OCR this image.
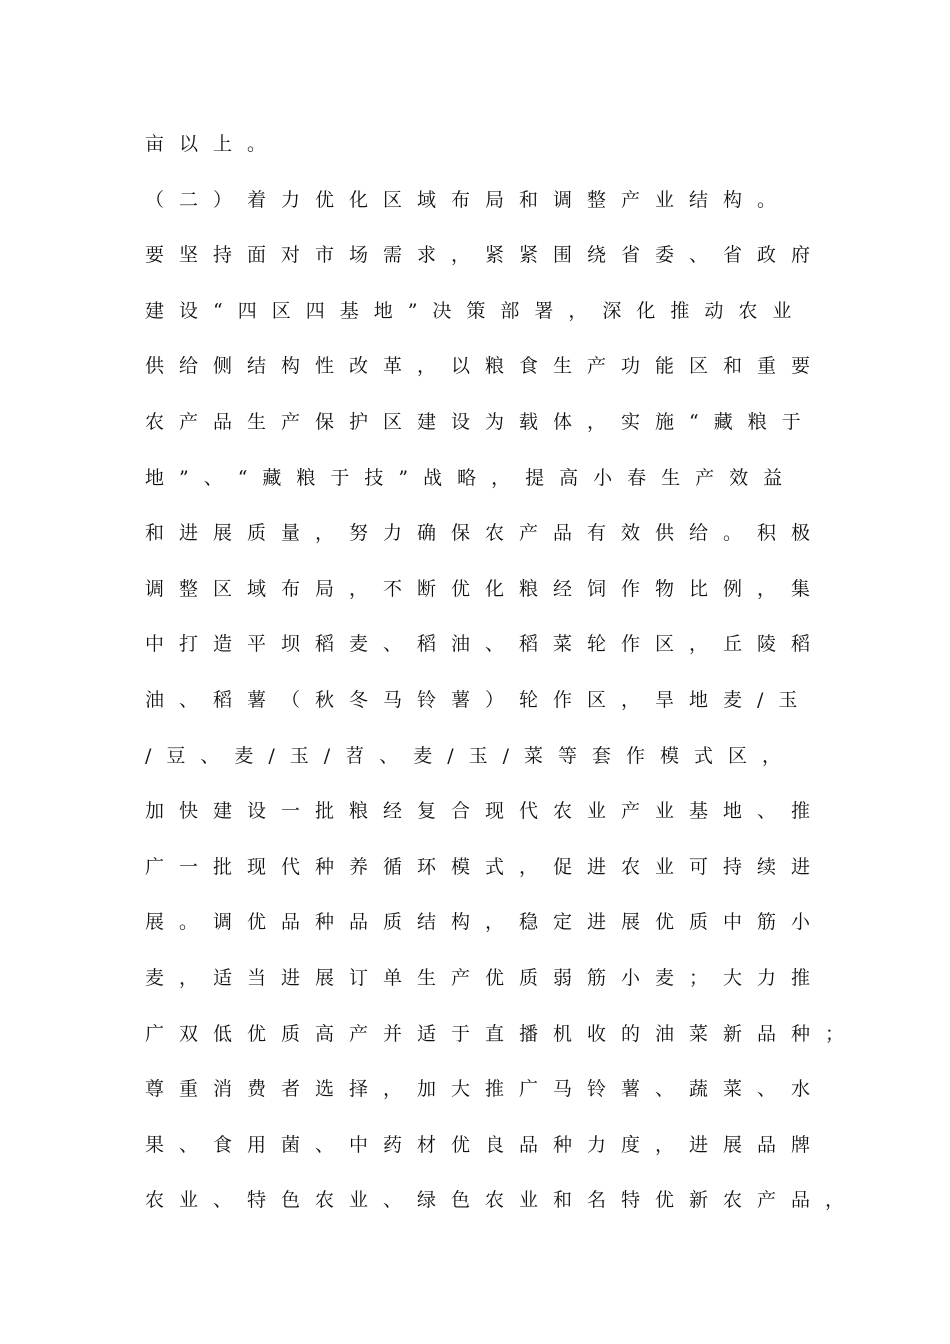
亩以上。
（二）着力优化区域布局和调整产业结构。
要坚持面对市场需求，紧紧围绕省委、省政府
建设“四区四基地”决策部署，深化推动农业
供给侧结构性改革，以粮食生产功能区和重要
农产品生产保护区建设为载体，实施“藏粮于
地”、“藏粮于技”战略，提高小春生产效益
和进展质量，努力确保农产品有效供给。积极
调整区域布局，不断优化粮经饲作物比例，集
中打造平坝稻麦、稻油、稻菜轮作区，丘陵稻
油、稻薯（秋冬马铃薯）轮作区，旱地麦/玉
/豆、麦/玉/苕、麦/玉/菜等套作模式区，
加快建设一批粮经复合现代农业产业基地、推
广一批现代种养循环模式，促进农业可持续进
展。调优品种品质结构，稳定进展优质中筋小
麦，适当进展订单生产优质弱筋小麦；大力推
广双低优质高产并适于直播机收的油菜新品种；
尊重消费者选择，加大推广马铃薯、蔬菜、水
果、食用菌、中药材优良品种力度，进展品牌
农业、特色农业、绿色农业和名特优新农产品，
